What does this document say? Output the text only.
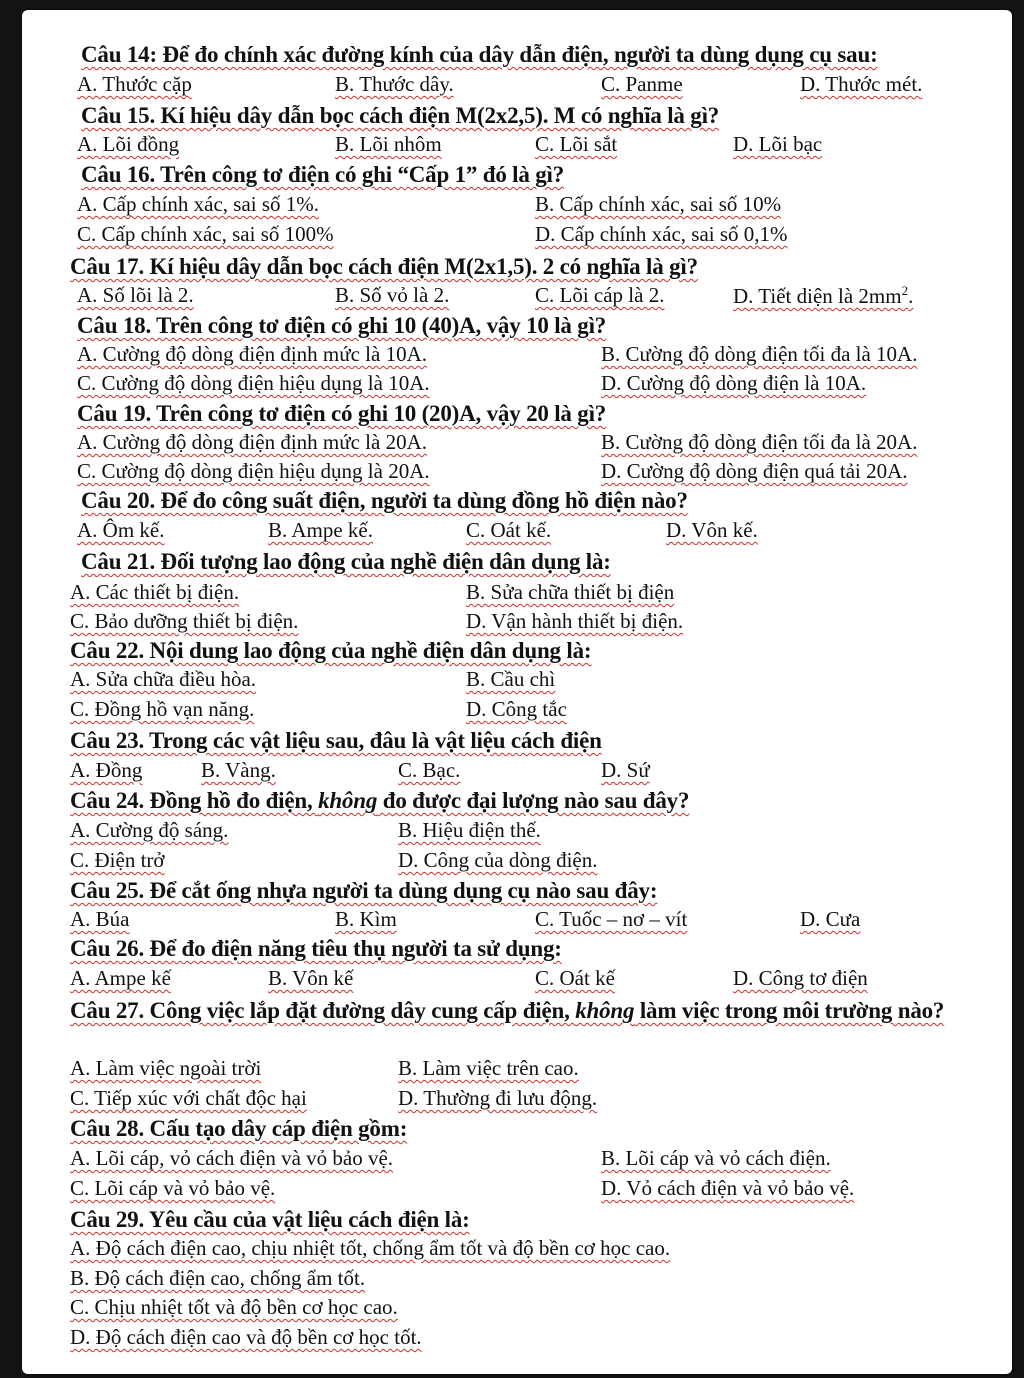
Câu 14: Để đo chính xác đường kính của dây dẫn điện, người ta dùng dụng cụ sau:
A. Thước cặp	B. Thước dây.	C. Panme	D. Thước mét.
Câu 15. Kí hiệu dây dẫn bọc cách điện M(2x2,5). M có nghĩa là gì?
A. Lõi đồng	B. Lõi nhôm	C. Lõi sắt	D. Lõi bạc
Câu 16. Trên công tơ điện có ghi “Cấp 1” đó là gì?
A. Cấp chính xác, sai số 1%.	B. Cấp chính xác, sai số 10%
C. Cấp chính xác, sai số 100%	D. Cấp chính xác, sai số 0,1%
Câu 17. Kí hiệu dây dẫn bọc cách điện M(2x1,5). 2 có nghĩa là gì?
A. Số lõi là 2.	B. Số vỏ là 2.	C. Lõi cáp là 2.	D. Tiết diện là $2mm^2$.
Câu 18. Trên công tơ điện có ghi 10 (40)A, vậy 10 là gì?
A. Cường độ dòng điện định mức là 10A.	B. Cường độ dòng điện tối đa là 10A.
C. Cường độ dòng điện hiệu dụng là 10A.	D. Cường độ dòng điện là 10A.
Câu 19. Trên công tơ điện có ghi 10 (20)A, vậy 20 là gì?
A. Cường độ dòng điện định mức là 20A.	B. Cường độ dòng điện tối đa là 20A.
C. Cường độ dòng điện hiệu dụng là 20A.	D. Cường độ dòng điện quá tải 20A.
Câu 20. Để đo công suất điện, người ta dùng đồng hồ điện nào?
A. Ôm kế.	B. Ampe kế.	C. Oát kế.	D. Vôn kế.
Câu 21. Đối tượng lao động của nghề điện dân dụng là:
A. Các thiết bị điện.	B. Sửa chữa thiết bị điện
C. Bảo dưỡng thiết bị điện.	D. Vận hành thiết bị điện.
Câu 22. Nội dung lao động của nghề điện dân dụng là:
A. Sửa chữa điều hòa.	B. Cầu chì
C. Đồng hồ vạn năng.	D. Công tắc
Câu 23. Trong các vật liệu sau, đâu là vật liệu cách điện
A. Đồng	B. Vàng.	C. Bạc.	D. Sứ
Câu 24. Đồng hồ đo điện, không đo được đại lượng nào sau đây?
A. Cường độ sáng.	B. Hiệu điện thế.
C. Điện trở	D. Công của dòng điện.
Câu 25. Để cắt ống nhựa người ta dùng dụng cụ nào sau đây:
A. Búa	B. Kìm	C. Tuốc – nơ – vít	D. Cưa
Câu 26. Để đo điện năng tiêu thụ người ta sử dụng:
A. Ampe kế	B. Vôn kế	C. Oát kế	D. Công tơ điện
Câu 27. Công việc lắp đặt đường dây cung cấp điện, không làm việc trong môi trường nào?
A. Làm việc ngoài trời	B. Làm việc trên cao.
C. Tiếp xúc với chất độc hại	D. Thường đi lưu động.
Câu 28. Cấu tạo dây cáp điện gồm:
A. Lõi cáp, vỏ cách điện và vỏ bảo vệ.	B. Lõi cáp và vỏ cách điện.
C. Lõi cáp và vỏ bảo vệ.	D. Vỏ cách điện và vỏ bảo vệ.
Câu 29. Yêu cầu của vật liệu cách điện là:
A. Độ cách điện cao, chịu nhiệt tốt, chống ẩm tốt và độ bền cơ học cao.
B. Độ cách điện cao, chống ẩm tốt.
C. Chịu nhiệt tốt và độ bền cơ học cao.
D. Độ cách điện cao và độ bền cơ học tốt.
